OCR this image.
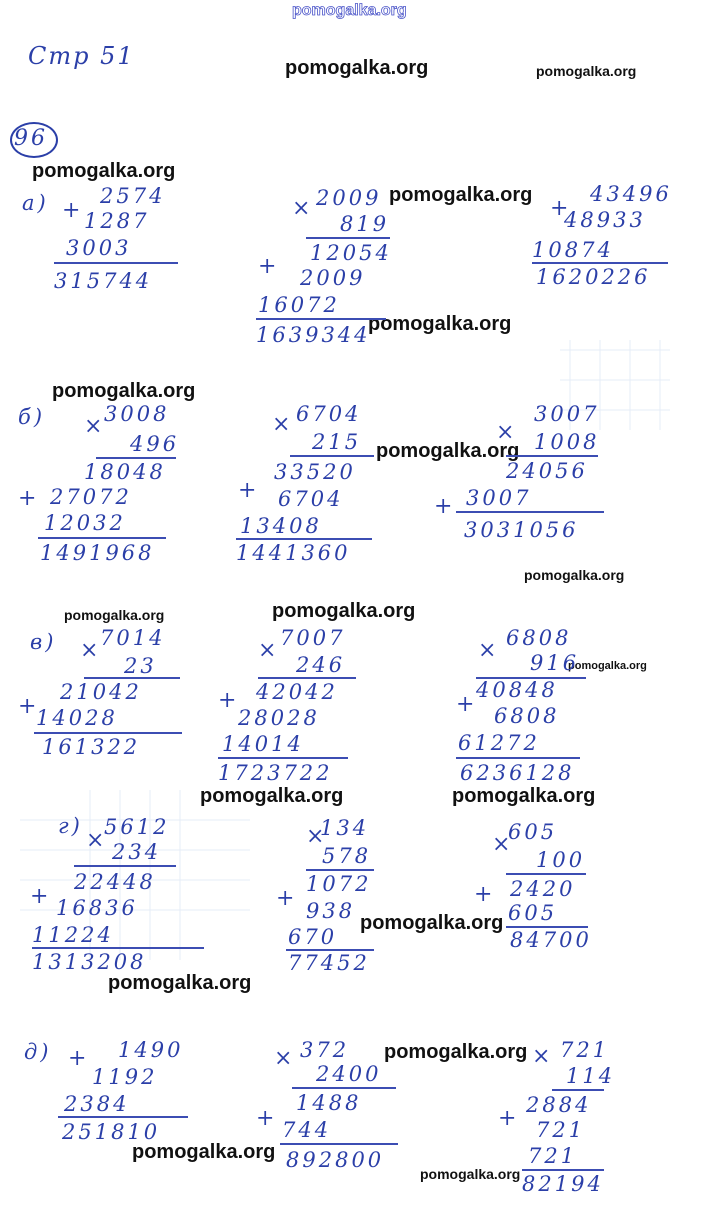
pomogalka.org
pomogalka.org	pomogalka.org
pomogalka.org
pomogalka.org
pomogalka.org
pomogalka.org
pomogalka.org
pomogalka.org
pomogalka.org
pomogalka.org
pomogalka.org
pomogalka.org	pomogalka.org
pomogalka.org
pomogalka.org
pomogalka.org
pomogalka.org
pomogalka.org
Стр 51
96
а) +
2574
1287
3003
315744
× 2009
819
12054
+ 2009
16072
1639344
+
43496
48933
10874
1620226
б) × 3008
496
18048
+ 27072
12032
1491968
× 6704
215
33520
+ 6704
13408
1441360
×
3007
1008
24056
+ 3007
3031056
в) × 7014
23
21042
+ 14028
161322
× 7007
246
42042
+
28028
14014
1723722
× 6808
916
40848
+ 6808
61272
6236128
г)
×
5612
234
22448
+ 16836
11224
1313208
×
134
578
1072
+ 938
670
77452
×
605
100
2420
+
605
84700
д) + 1490
1192
2384
251810
× 372
2400
1488
+ 744
892800
× 721
114
+
2884
721
721
82194
